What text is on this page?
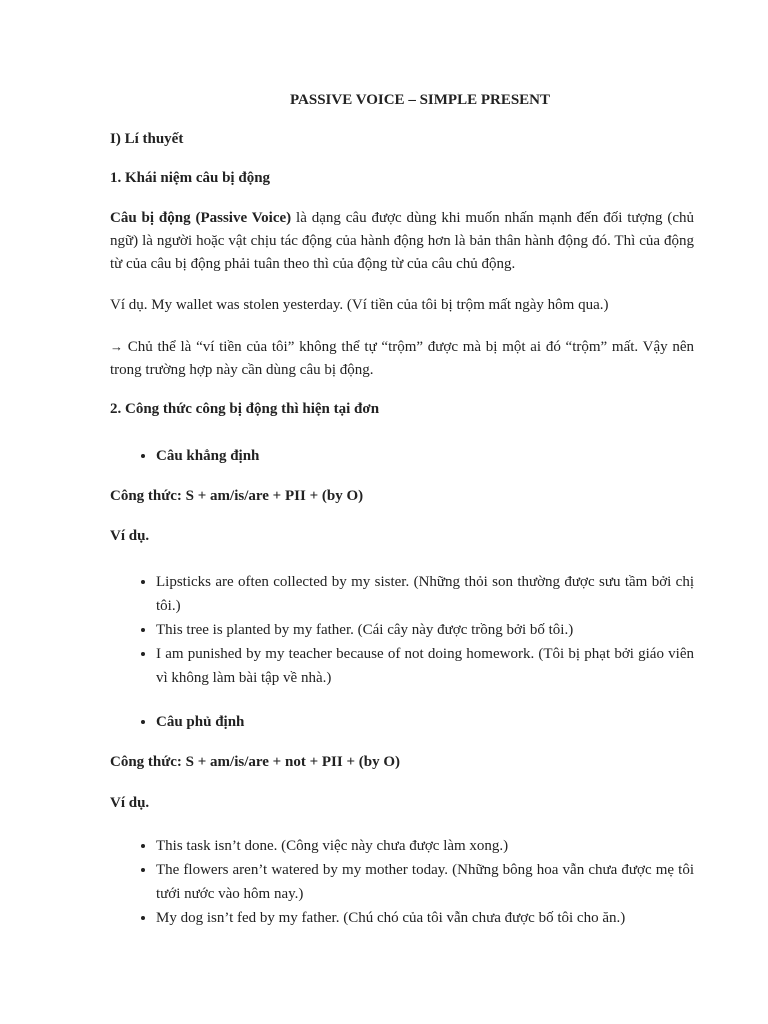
PASSIVE VOICE – SIMPLE PRESENT

I) Lí thuyết

1. Khái niệm câu bị động

Câu bị động (Passive Voice) là dạng câu được dùng khi muốn nhấn mạnh đến đối tượng (chủ ngữ) là người hoặc vật chịu tác động của hành động hơn là bản thân hành động đó. Thì của động từ của câu bị động phải tuân theo thì của động từ của câu chủ động.

Ví dụ. My wallet was stolen yesterday. (Ví tiền của tôi bị trộm mất ngày hôm qua.)

→ Chủ thể là “ví tiền của tôi” không thể tự “trộm” được mà bị một ai đó “trộm” mất. Vậy nên trong trường hợp này cần dùng câu bị động.

2. Công thức công bị động thì hiện tại đơn

• Câu khẳng định

Công thức: S + am/is/are + PII + (by O)

Ví dụ.

• Lipsticks are often collected by my sister. (Những thỏi son thường được sưu tầm bởi chị tôi.)
• This tree is planted by my father. (Cái cây này được trồng bởi bố tôi.)
• I am punished by my teacher because of not doing homework. (Tôi bị phạt bởi giáo viên vì không làm bài tập về nhà.)
• Câu phủ định

Công thức: S + am/is/are + not + PII + (by O)

Ví dụ.

• This task isn’t done. (Công việc này chưa được làm xong.)
• The flowers aren’t watered by my mother today. (Những bông hoa vẫn chưa được mẹ tôi tưới nước vào hôm nay.)
• My dog isn’t fed by my father. (Chú chó của tôi vẫn chưa được bố tôi cho ăn.)
